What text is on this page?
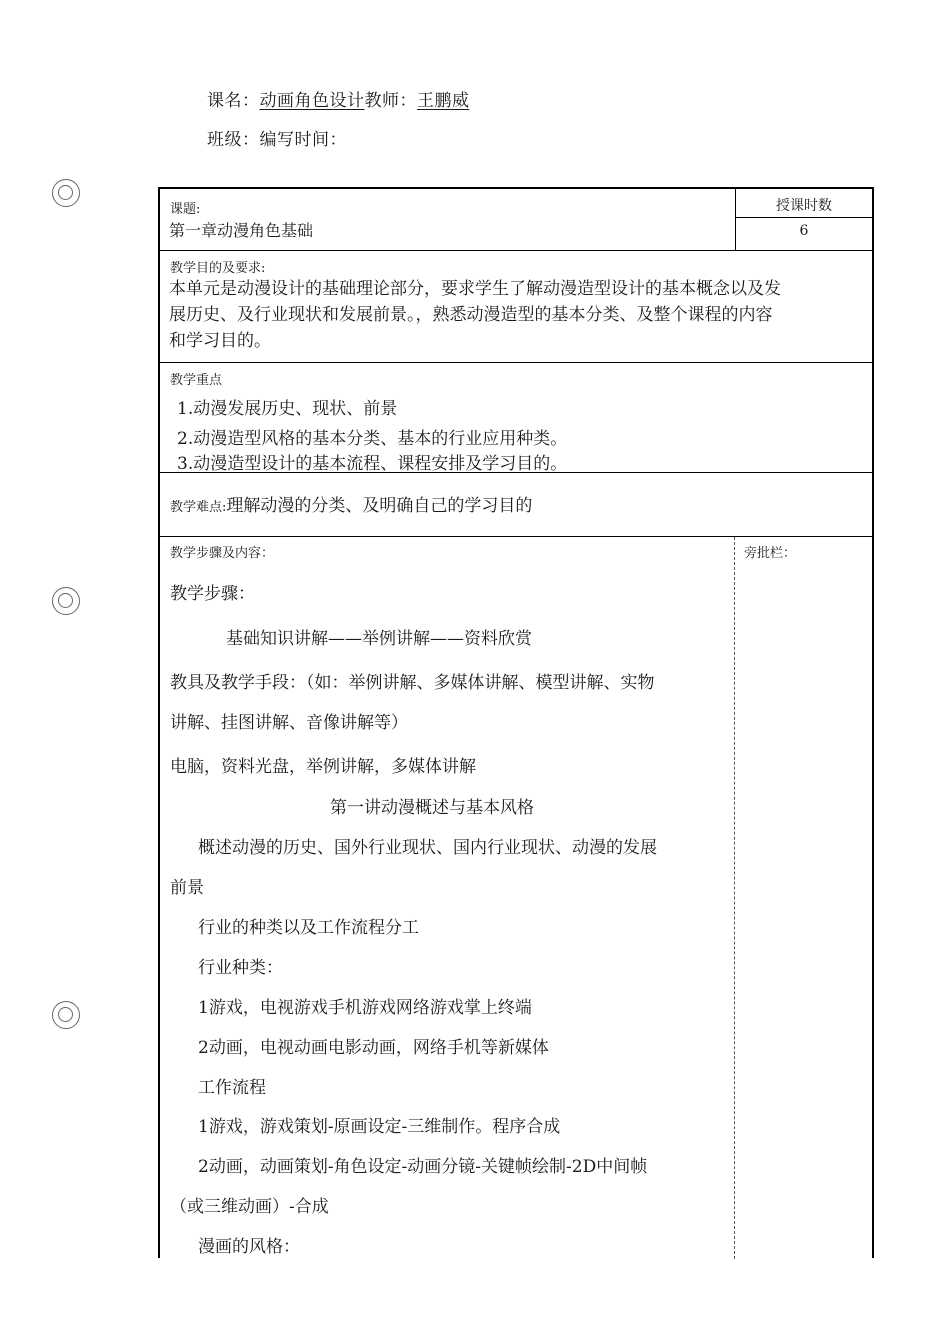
课名：动画角色设计教师：王鹏威
班级：编写时间：
课题:
第一章动漫角色基础
授课时数
6
教学目的及要求:
本单元是动漫设计的基础理论部分，要求学生了解动漫造型设计的基本概念以及发
展历史、及行业现状和发展前景。，熟悉动漫造型的基本分类、及整个课程的内容
和学习目的。
教学重点
1.动漫发展历史、现状、前景
2.动漫造型风格的基本分类、基本的行业应用种类。
3.动漫造型设计的基本流程、课程安排及学习目的。
教学难点:理解动漫的分类、及明确自己的学习目的
教学步骤及内容：	旁批栏：
教学步骤：
基础知识讲解——举例讲解——资料欣赏
教具及教学手段：（如：举例讲解、多媒体讲解、模型讲解、实物
讲解、挂图讲解、音像讲解等）
电脑，资料光盘，举例讲解，多媒体讲解
第一讲动漫概述与基本风格
概述动漫的历史、国外行业现状、国内行业现状、动漫的发展
前景
行业的种类以及工作流程分工
行业种类：
1游戏，电视游戏手机游戏网络游戏掌上终端
2动画，电视动画电影动画，网络手机等新媒体
工作流程
1游戏，游戏策划-原画设定-三维制作。程序合成
2动画，动画策划-角色设定-动画分镜-关键帧绘制-2D中间帧
（或三维动画）-合成
漫画的风格：
